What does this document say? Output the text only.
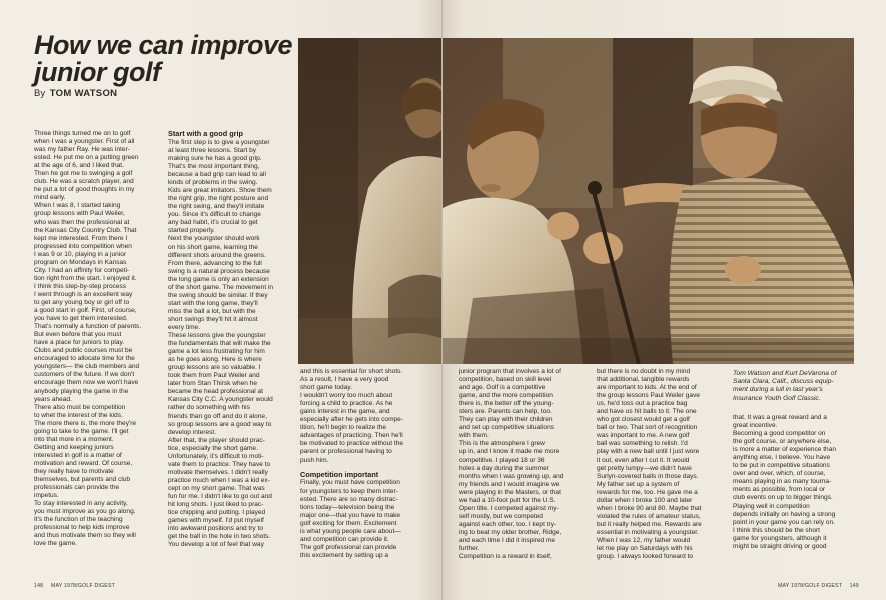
How we can improve
junior golf
By TOM WATSON

Three things turned me on to golf
when I was a youngster. First of all
was my father Ray. He was inter-
ested. He put me on a putting green
at the age of 6, and I liked that.
Then he got me to swinging a golf
club. He was a scratch player, and
he put a lot of good thoughts in my
mind early.
When I was 8, I started taking
group lessons with Paul Weiler,
who was then the professional at
the Kansas City Country Club. That
kept me interested. From there I
progressed into competition when
I was 9 or 10, playing in a junior
program on Mondays in Kansas
City. I had an affinity for competi-
tion right from the start. I enjoyed it.
I think this step-by-step process
I went through is an excellent way
to get any young boy or girl off to
a good start in golf. First, of course,
you have to get them interested.
That's normally a function of parents.
But even before that you must
have a place for juniors to play.
Clubs and public courses must be
encouraged to allocate time for the
youngsters— the club members and
customers of the future. If we don't
encourage them now we won't have
anybody playing the game in the
years ahead.
There also must be competition
to whet the interest of the kids.
The more there is, the more they're
going to take to the game. I'll get
into that more in a moment.
Getting and keeping juniors
interested in golf is a matter of
motivation and reward. Of course,
they really have to motivate
themselves, but parents and club
professionals can provide the
impetus.
To stay interested in any activity,
you must improve as you go along.
It's the function of the teaching
professional to help kids improve
and thus motivate them so they will
love the game.

Start with a good grip

The first step is to give a youngster
at least three lessons. Start by
making sure he has a good grip.
That's the most important thing,
because a bad grip can lead to all
kinds of problems in the swing.
Kids are great imitators. Show them
the right grip, the right posture and
the right swing, and they'll imitate
you. Since it's difficult to change
any bad habit, it's crucial to get
started properly.
Next the youngster should work
on his short game, learning the
different shots around the greens.
From there, advancing to the full
swing is a natural process because
the long game is only an extension
of the short game. The movement in
the swing should be similar. If they
start with the long game, they'll
miss the ball a lot, but with the
short swings they'll hit it almost
every time.
These lessons give the youngster
the fundamentals that will make the
game a lot less frustrating for him
as he goes along. Here is where
group lessons are so valuable. I
took them from Paul Weiler and
later from Stan Thirsk when he
became the head professional at
Kansas City C.C. A youngster would
rather do something with his
friends than go off and do it alone,
so group lessons are a good way to
develop interest.
After that, the player should prac-
tice, especially the short game.
Unfortunately, it's difficult to moti-
vate them to practice. They have to
motivate themselves. I didn't really
practice much when I was a kid ex-
cept on my short game. That was
fun for me. I didn't like to go out and
hit long shots. I just liked to prac-
tice chipping and putting. I played
games with myself. I'd put myself
into awkward positions and try to
get the ball in the hole in two shots.
You develop a lot of feel that way

and this is essential for short shots.
As a result, I have a very good
short game today.
I wouldn't worry too much about
forcing a child to practice. As he
gains interest in the game, and
especially after he gets into compe-
tition, he'll begin to realize the
advantages of practicing. Then he'll
be motivated to practice without the
parent or professional having to
push him.

Competition important

Finally, you must have competition
for youngsters to keep them inter-
ested. There are so many distrac-
tions today—television being the
major one—that you have to make
golf exciting for them. Excitement
is what young people care about—
and competition can provide it.
The golf professional can provide
this excitement by setting up a

148 MAY 1978/GOLF DIGEST
Tom Watson and Kurt DeVarona of
Santa Clara, Calif., discuss equip-
ment during a lull in last year's
Insurance Youth Golf Classic.

junior program that involves a lot of
competition, based on skill level
and age. Golf is a competitive
game, and the more competition
there is, the better off the young-
sters are. Parents can help, too.
They can play with their children
and set up competitive situations
with them.
This is the atmosphere I grew
up in, and I know it made me more
competitive. I played 18 or 36
holes a day during the summer
months when I was growing up, and
my friends and I would imagine we
were playing in the Masters, or that
we had a 10-foot putt for the U.S.
Open title. I competed against my-
self mostly, but we competed
against each other, too. I kept try-
ing to beat my older brother, Ridge,
and each time I did it inspired me
further.
Competition is a reward in itself,

but there is no doubt in my mind
that additional, tangible rewards
are important to kids. At the end of
the group lessons Paul Weiler gave
us, he'd toss out a practice bag
and have us hit balls to it. The one
who got closest would get a golf
ball or two. That sort of recognition
was important to me. A new golf
ball was something to relish. I'd
play with a new ball until I just wore
it out, even after I cut it. It would
get pretty lumpy—we didn't have
Surlyn-covered balls in those days.
My father set up a system of
rewards for me, too. He gave me a
dollar when I broke 100 and later
when I broke 90 and 80. Maybe that
violated the rules of amateur status,
but it really helped me. Rewards are
essential in motivating a youngster.
When I was 12, my father would
let me play on Saturdays with his
group. I always looked forward to

that. It was a great reward and a
great incentive.
Becoming a good competitor on
the golf course, or anywhere else,
is more a matter of experience than
anything else, I believe. You have
to be put in competitive situations
over and over, which, of course,
means playing in as many tourna-
ments as possible, from local or
club events on up to bigger things.
Playing well in competition
depends initially on having a strong
point in your game you can rely on.
I think this should be the short
game for youngsters, although it
might be straight driving or good

MAY 1978/GOLF DIGEST 149
